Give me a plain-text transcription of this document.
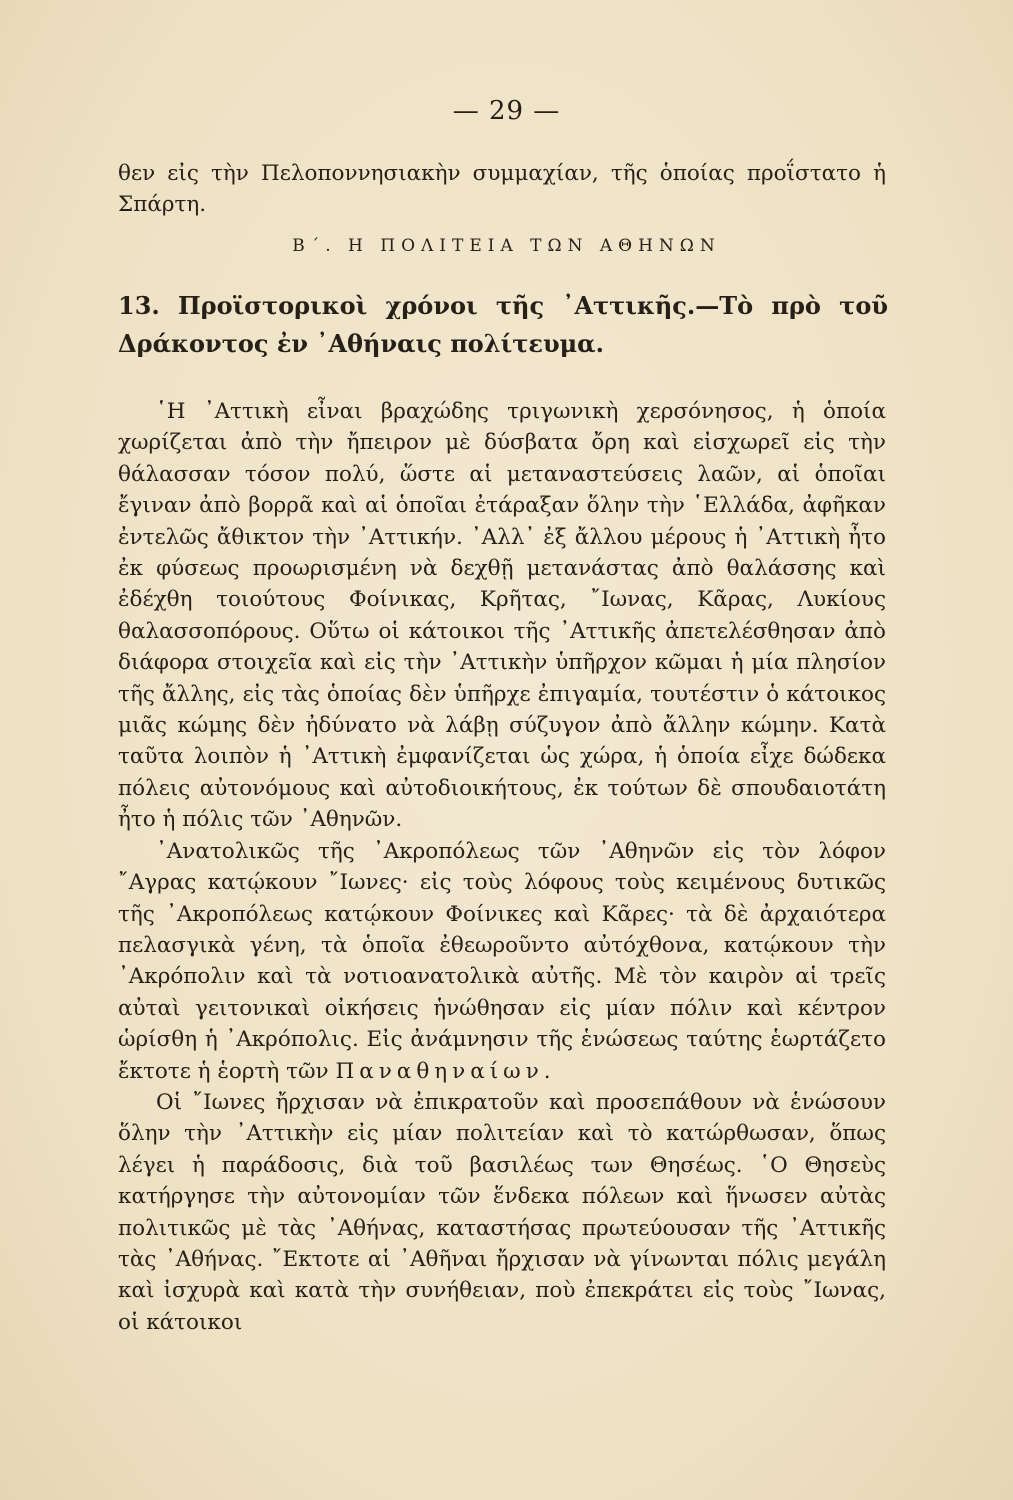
— 29 —
θεν εἰς τὴν Πελοποννησιακὴν συμμαχίαν, τῆς ὁποίας προΐστατο ἡ Σπάρτη.
Β΄. Η ΠΟΛΙΤΕΙΑ ΤΩΝ ΑΘΗΝΩΝ
13. Προϊστορικοὶ χρόνοι τῆς ᾿Αττικῆς.—Τὸ πρὸ τοῦ Δράκοντος ἐν ᾿Αθήναις πολίτευμα.

῾Η ᾿Αττικὴ εἶναι βραχώδης τριγωνικὴ χερσόνησος, ἡ ὁποία χωρίζεται ἀπὸ τὴν ἤπειρον μὲ δύσβατα ὄρη καὶ εἰσχωρεῖ εἰς τὴν θάλασσαν τόσον πολύ, ὥστε αἱ μεταναστεύσεις λαῶν, αἱ ὁποῖαι ἔγιναν ἀπὸ βορρᾶ καὶ αἱ ὁποῖαι ἐτάραξαν ὅλην τὴν ῾Ελλάδα, ἀφῆκαν ἐντελῶς ἄθικτον τὴν ᾿Αττικήν. ᾿Αλλ᾿ ἐξ ἄλλου μέρους ἡ ᾿Αττικὴ ἦτο ἐκ φύσεως προωρισμένη νὰ δεχθῇ μετανάστας ἀπὸ θαλάσσης καὶ ἐδέχθη τοιούτους Φοίνικας, Κρῆτας, ῎Ιωνας, Κᾶρας, Λυκίους θαλασσοπόρους. Οὕτω οἱ κάτοικοι τῆς ᾿Αττικῆς ἀπετελέσθησαν ἀπὸ διάφορα στοιχεῖα καὶ εἰς τὴν ᾿Αττικὴν ὑπῆρχον κῶμαι ἡ μία πλησίον τῆς ἄλλης, εἰς τὰς ὁποίας δὲν ὑπῆρχε ἐπιγαμία, τουτέστιν ὁ κάτοικος μιᾶς κώμης δὲν ἠδύνατο νὰ λάβῃ σύζυγον ἀπὸ ἄλλην κώμην. Κατὰ ταῦτα λοιπὸν ἡ ᾿Αττικὴ ἐμφανίζεται ὡς χώρα, ἡ ὁποία εἶχε δώδεκα πόλεις αὐτονόμους καὶ αὐτοδιοικήτους, ἐκ τούτων δὲ σπουδαιοτάτη ἦτο ἡ πόλις τῶν ᾿Αθηνῶν.

᾿Ανατολικῶς τῆς ᾿Ακροπόλεως τῶν ᾿Αθηνῶν εἰς τὸν λόφον ῎Αγρας κατῴκουν ῎Ιωνες· εἰς τοὺς λόφους τοὺς κειμένους δυτικῶς τῆς ᾿Ακροπόλεως κατῴκουν Φοίνικες καὶ Κᾶρες· τὰ δὲ ἀρχαιότερα πελασγικὰ γένη, τὰ ὁποῖα ἐθεωροῦντο αὐτόχθονα, κατῴκουν τὴν ᾿Ακρόπολιν καὶ τὰ νοτιοανατολικὰ αὐτῆς. Μὲ τὸν καιρὸν αἱ τρεῖς αὐταὶ γειτονικαὶ οἰκήσεις ἡνώθησαν εἰς μίαν πόλιν καὶ κέντρον ὡρίσθη ἡ ᾿Ακρόπολις. Εἰς ἀνάμνησιν τῆς ἑνώσεως ταύτης ἑωρτάζετο ἔκτοτε ἡ ἑορτὴ τῶν Παναθηναίων.

Οἱ ῎Ιωνες ἤρχισαν νὰ ἐπικρατοῦν καὶ προσεπάθουν νὰ ἑνώσουν ὅλην τὴν ᾿Αττικὴν εἰς μίαν πολιτείαν καὶ τὸ κατώρθωσαν, ὅπως λέγει ἡ παράδοσις, διὰ τοῦ βασιλέως των Θησέως. ῾Ο Θησεὺς κατήργησε τὴν αὐτονομίαν τῶν ἕνδεκα πόλεων καὶ ἥνωσεν αὐτὰς πολιτικῶς μὲ τὰς ᾿Αθήνας, καταστήσας πρωτεύουσαν τῆς ᾿Αττικῆς τὰς ᾿Αθήνας. ῎Εκτοτε αἱ ᾿Αθῆναι ἤρχισαν νὰ γίνωνται πόλις μεγάλη καὶ ἰσχυρὰ καὶ κατὰ τὴν συνήθειαν, ποὺ ἐπεκράτει εἰς τοὺς ῎Ιωνας, οἱ κάτοικοι
